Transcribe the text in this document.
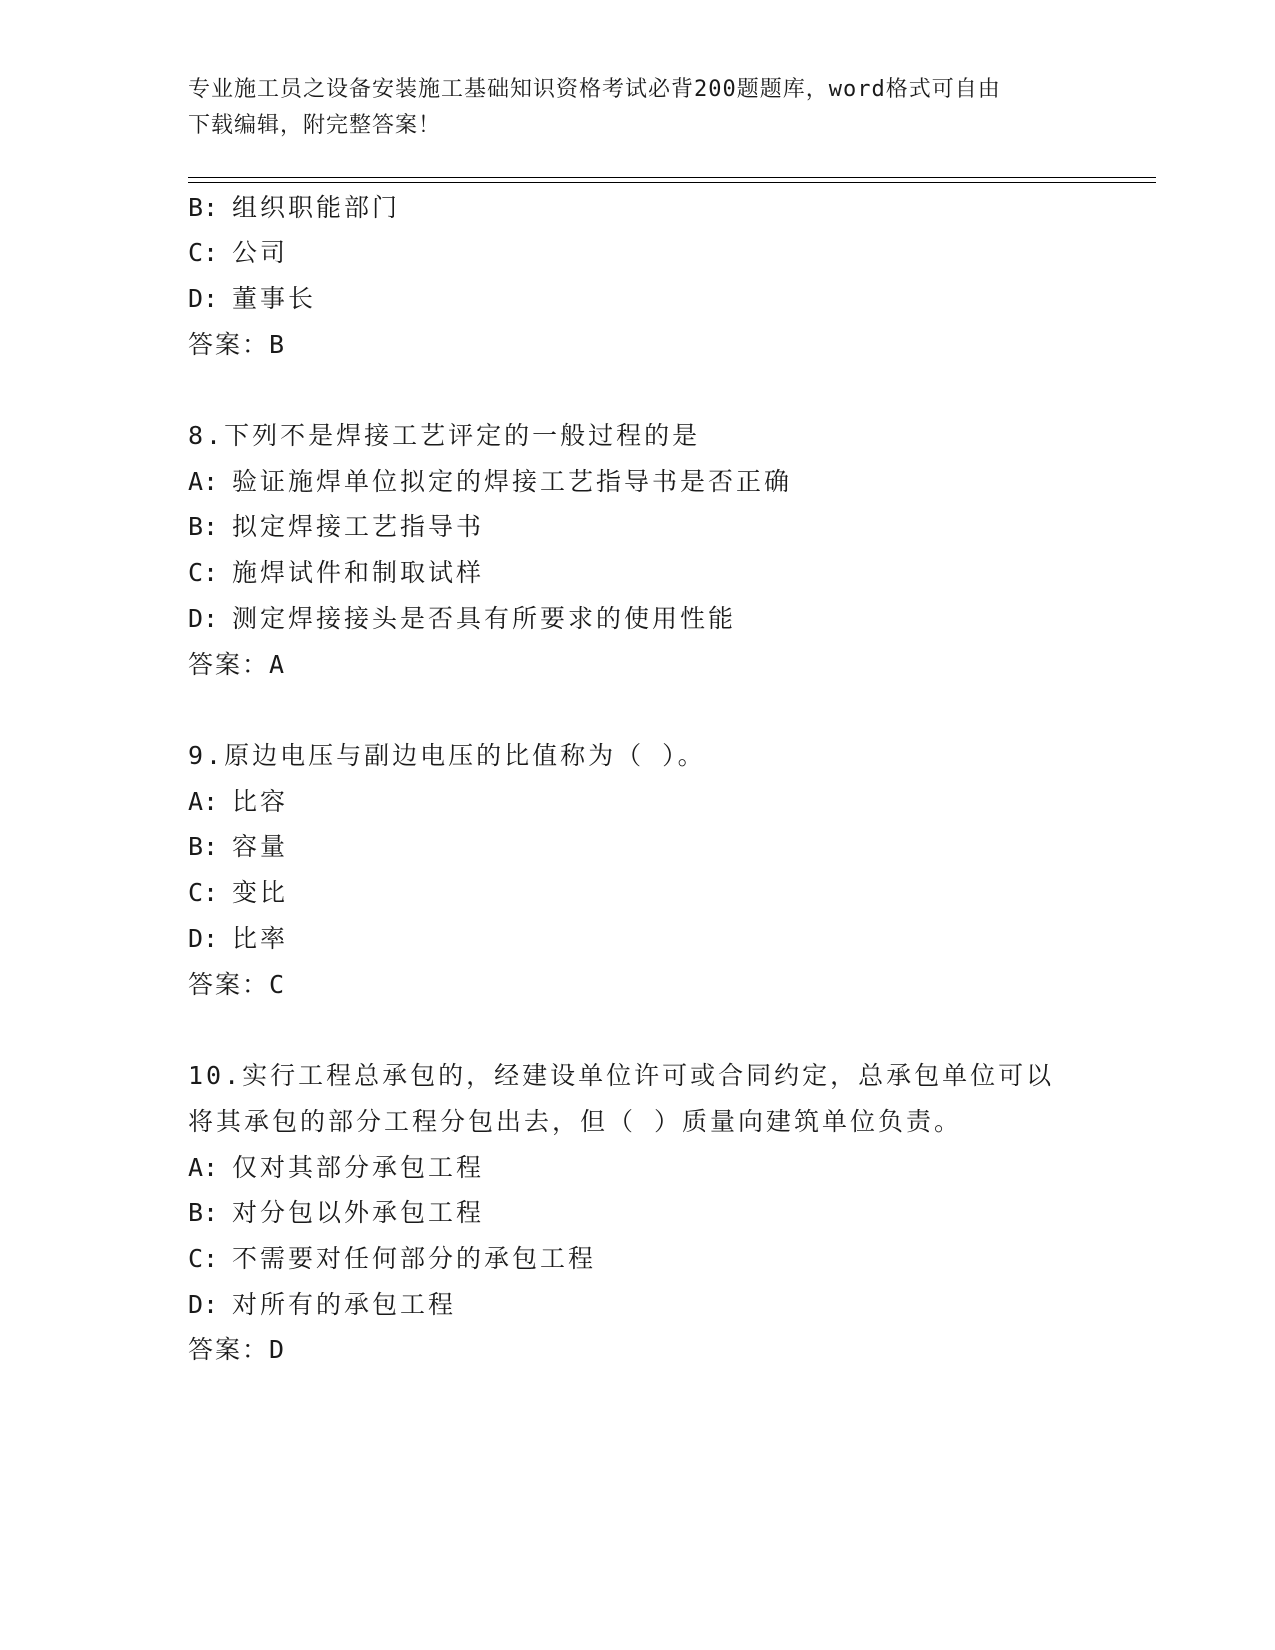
专业施工员之设备安装施工基础知识资格考试必背200题题库，word格式可自由
下载编辑，附完整答案！
B: 组织职能部门
C: 公司
D: 董事长
答案：B
8.下列不是焊接工艺评定的一般过程的是
A: 验证施焊单位拟定的焊接工艺指导书是否正确
B: 拟定焊接工艺指导书
C: 施焊试件和制取试样
D: 测定焊接接头是否具有所要求的使用性能
答案：A
9.原边电压与副边电压的比值称为（ ）。
A: 比容
B: 容量
C: 变比
D: 比率
答案：C
10.实行工程总承包的，经建设单位许可或合同约定，总承包单位可以
将其承包的部分工程分包出去，但（ ）质量向建筑单位负责。
A: 仅对其部分承包工程
B: 对分包以外承包工程
C: 不需要对任何部分的承包工程
D: 对所有的承包工程
答案：D
